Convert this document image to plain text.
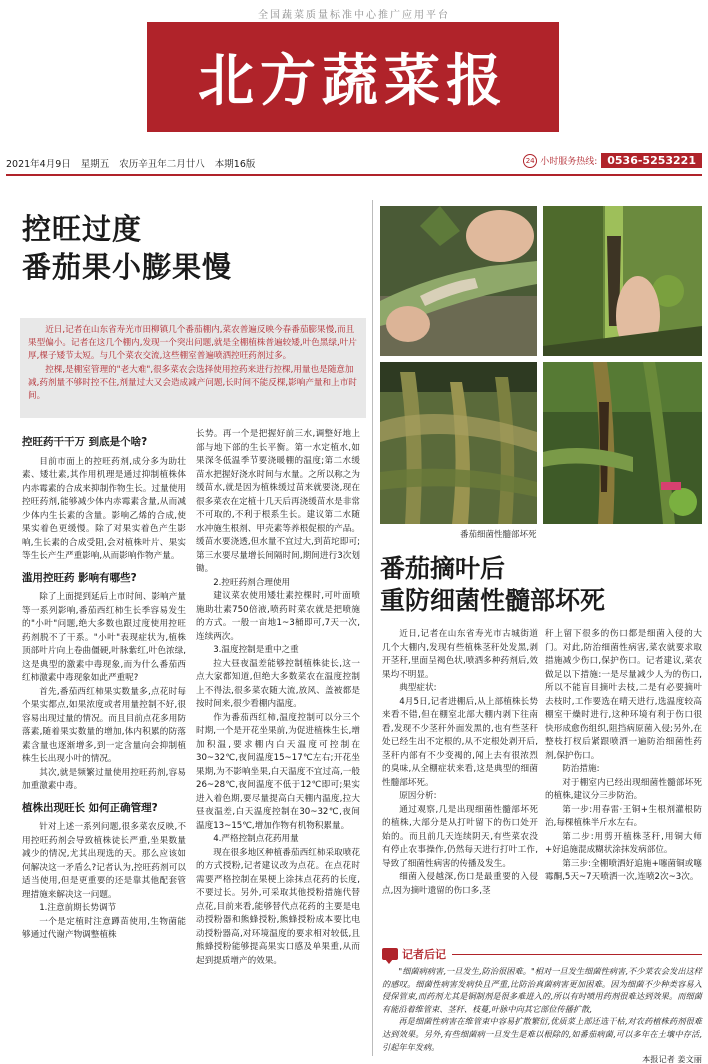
全国蔬菜质量标准中心推广应用平台
北方蔬菜报
2021年4月9日 星期五 农历辛丑年二月廿八 本期16版	24 小时服务热线: 0536-5253221
控旺过度
番茄果小膨果慢

近日,记者在山东省寿光市田柳镇几个番茄棚内,菜农普遍反映今春番茄膨果慢,而且果型偏小。记者在这几个棚内,发现一个突出问题,就是全棚植株普遍较矮,叶色黑绿,叶片厚,棵子矮节太短。与几个菜农交流,这些棚室普遍喷洒控旺药剂过多。

控棵,是棚室管理的"老大难",很多菜农会选择使用控药来进行控棵,用量也是随意加减,药剂量不够时控不住,剂量过大又会造成减产问题,长时间不能反棵,影响产量和上市时间。

控旺药干干万 到底是个啥?

目前市面上的控旺药剂,成分多为助壮素、矮壮素,其作用机理是通过抑制植株体内赤霉素的合成来抑制作物生长。过量使用控旺药剂,能够减少体内赤霉素含量,从而减少体内生长素的含量。影响乙烯的合成,使果实着色更缓慢。除了对果实着色产生影响,生长素的合成受阻,会对植株叶片、果实等生长产生严重影响,从而影响作物产量。

滥用控旺药 影响有哪些?

除了上面提到延后上市时间、影响产量等一系列影响,番茄西红柿生长季容易发生的"小叶"问题,绝大多数也跟过度使用控旺药剂脱不了干系。"小叶"表现症状为,植株顶部叶片向上卷曲僵硬,叶脉紫红,叶色浓绿,这是典型的激素中毒现象,而为什么番茄西红柿激素中毒现象如此严重呢?

首先,番茄西红柿果实数量多,点花时每个果实都点,如果浓度或者用量控制不好,很容易出现过量的情况。而且目前点花多用防落素,随着果实数量的增加,体内积累的防落素含量也逐渐增多,到一定含量向会抑制植株生长出现小叶的情况。

其次,就是频繁过量使用控旺药剂,容易加重激素中毒。

植株出现旺长 如何正确管理?

针对上述一系列问题,很多菜农反映,不用控旺药剂会导致植株徒长严重,坐果数量减少的情况,尤其出现选的天。那么应该如何解决这一矛盾么?记者认为,控旺药剂可以适当使用,但是更重要的还是靠其他配套管理措施来解决这一问题。

1.注意前期长势调节

一个是定植时注意蹲苗使用,生物菌能够通过代谢产物调整植株

长势。再一个是把握好前三水,调整好地上部与地下部的生长平衡。第一水定植水,如果深冬低温季节要浇暖棚的温度;第二水缓苗水把握好浇水时间与水量。之所以称之为缓苗水,就是因为植株缓过苗来就要浇,现在很多菜农在定植十几天后再浇缓苗水是非常不可取的,不利于根系生长。建议第二水随水冲施生根剂、甲壳素等养根促根的产品。缓苗水要浇透,但水量不宜过大,到苗坨即可;第三水要尽量增长间隔时间,期间进行3次划锄。

2.控旺药剂合理使用

建议菜农使用矮壮素控棵时,可叶面喷施助壮素750倍液,喷药时菜农就是把喷施的方式。一般一亩地1~3桶即可,7天一次,连续两次。

3.温度控制是重中之重

拉大昼夜温差能够控制植株徒长,这一点大家都知道,但绝大多数菜农在温度控制上不得法,很多菜农随大流,放风、盖被都是按时间来,很少看棚内温度。

作为番茄西红柿,温度控制可以分三个时期,一个是开花坐果前,为促进植株生长,增加积温,要求棚内白天温度可控制在30~32℃,夜间温度15~17℃左右;开花坐果期,为不影响坐果,白天温度不宜过高,一般26~28℃,夜间温度不低于12℃即可;果实进入着色期,要尽量提高白天棚内温度,拉大昼夜温差,白天温度控制在30~32℃,夜间温度13~15℃,增加作物有机物积累量。

4.严格控制点花药用量

现在很多地区种植番茄西红柿采取喷花的方式授粉,记者建议改为点花。在点花时需要严格控制在果梗上涂抹点花药的长度,不要过长。另外,可采取其他授粉措施代替点花,目前来看,能够替代点花药的主要是电动授粉器和熊蜂授粉,熊蜂授粉成本要比电动授粉器高,对环境温度的要求相对较低,且熊蜂授粉能够提高果实口感及单果重,从而起到提质增产的效果。

番茄细菌性髓部坏死
番茄摘叶后
重防细菌性髓部坏死

近日,记者在山东省寿光市古城街道几个大棚内,发现有些植株茎秆处发黑,剥开茎秆,里面呈褐色状,喷洒多种药剂后,效果均不明显。

典型症状:

4月5日,记者进棚后,从上部植株长势来看不错,但在棚室北部大棚内剥下往南看,发现不少茎秆外面发黑的,也有些茎秆处已经生出不定根的,从不定根处剥开后,茎秆内部有不少变褐的,闻上去有很浓烈的臭味,从全棚症状来看,这是典型的细菌性髓部坏死。

原因分析:

通过观察,几是出现细菌性髓部坏死的植株,大部分是从打叶留下的伤口处开始的。而且前几天连续阴天,有些菜农没有停止农事操作,仍然每天进行打叶工作,导致了细菌性病害的传播及发生。

细菌入侵越深,伤口是最重要的入侵点,因为摘叶遗留的伤口多,茎

秆上留下很多的伤口都是细菌入侵的大门。对此,防治细菌性病害,菜农就要求取措施减少伤口,保护伤口。记者建议,菜农做足以下措施:一是尽量减少人为的伤口,所以不能盲目摘叶去枝,二是有必要摘叶去枝时,工作要选在晴天进行,选温度较高棚室干燥时进行,这种环境有利于伤口很快形成愈伤组织,阻挡病原菌入侵;另外,在整枝打杈后紧跟喷洒一遍防治细菌性药剂,保护伤口。

防治措施:

对于棚室内已经出现细菌性髓部坏死的植株,建议分三步防治。

第一步:用春雷·王铜+生根剂灌根防治,每棵植株半斤水左右。

第二步:用剪开植株茎秆,用铜大师+好追施混成糊状涂抹发病部位。

第三步:全棚喷洒好追施+噻菌铜或噻霉酮,5天~7天喷洒一次,连喷2次~3次。

记者后记

"细菌病病害,一旦发生,防治很困难。"相对一旦发生细菌性病害,不少菜农会发出这样的感叹。细菌性病害发病快且严重,比防治真菌病害更加困难。因为细菌不少种类容易入侵保管束,而药剂尤其是铜制剂是很多难进入的,所以有时喷用药剂很难达到效果。而细菌有能沿着维管束、茎秆、枝蔓,叶脉中向其它部位传播扩散,

再是细菌性病害在维管束中容易扩散繁衍,优质菜上部还选干枯,对农药植株药剂很难达到效果。另外,有些细菌病一旦发生是难以根除的,如番茄病菌,可以多年在土壤中存活,引起年年发病。

本报记者 姜文丽
